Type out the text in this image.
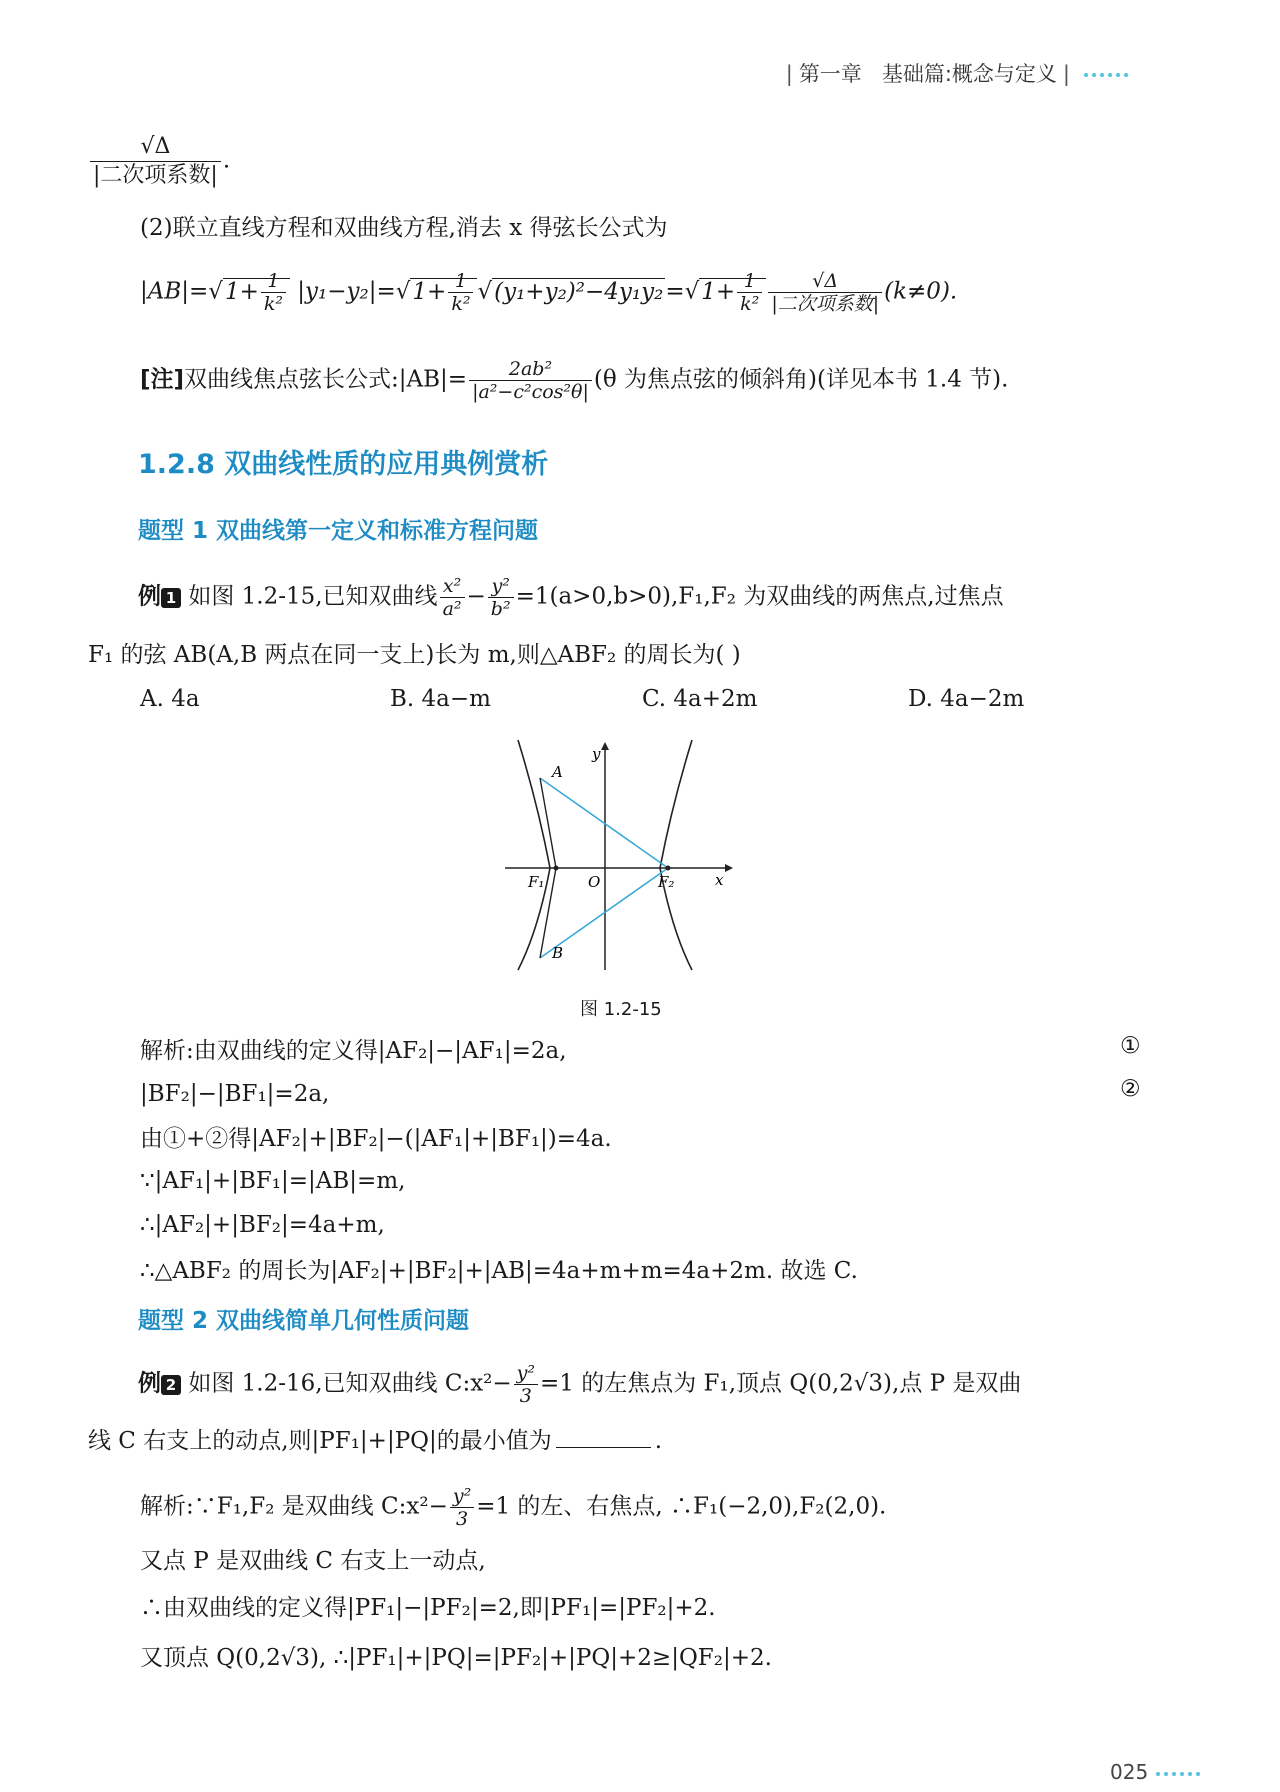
| 第一章 基础篇:概念与定义 |
$\frac{√\Delta}{\text{|二次项系数|}}$ .
(2)联立直线方程和双曲线方程,消去 x 得弦长公式为
$|AB|=√1+ \frac{1}{\text{k²}} |y_1-y_2|=√1+ \frac{1}{\text{k²}} √(y_1+y_2)^2-4y_1y_2=√1+ \frac{1}{\text{k²}} \frac{√\Delta}{\text{|二次项系数|}} (k\ne 0)$.
[注]双曲线焦点弦长公式:|AB|= $\frac{\text{2ab²}}{\text{|a²−c²cos²θ|}} (\theta$ 为焦点弦的倾斜角)(详见本书 1.4 节).
1.2.8 双曲线性质的应用典例赏析
题型 1 双曲线第一定义和标准方程问题
例 1 如图 1.2-15,已知双曲线 $\frac{\text{x²}}{\text{a²}} - \frac{\text{y²}}{\text{b²}} =1(a>0,b>0),F_1,F_2$ 为双曲线的两焦点,过焦点
F₁ 的弦 AB(A,B 两点在同一支上)长为 m,则△ABF₂ 的周长为( )
A. 4a	B. 4a−m	C. 4a+2m	D. 4a−2m
y
x
O
A
B
F₁	F₂
图 1.2-15
解析:由双曲线的定义得|AF₂|−|AF₁|=2a,	①
|BF₂|−|BF₁|=2a,	②
由①+②得|AF₂|+|BF₂|−(|AF₁|+|BF₁|)=4a.
∵|AF₁|+|BF₁|=|AB|=m,
∴|AF₂|+|BF₂|=4a+m,
∴△ABF₂ 的周长为|AF₂|+|BF₂|+|AB|=4a+m+m=4a+2m. 故选 C.
题型 2 双曲线简单几何性质问题
例 2 如图 1.2-16,已知双曲线 C:x²− $\frac{\text{y²}}{3} =1$ 的左焦点为 F₁,顶点 Q(0,2√3),点 P 是双曲
线 C 右支上的动点,则|PF₁|+|PQ|的最小值为	.
解析:∵F₁,F₂ 是双曲线 C:x²− $\frac{\text{y²}}{3} =1$ 的左、右焦点, ∴F₁(−2,0),F₂(2,0).
又点 P 是双曲线 C 右支上一动点,
∴由双曲线的定义得|PF₁|−|PF₂|=2,即|PF₁|=|PF₂|+2.
又顶点 Q(0,2√3), ∴|PF₁|+|PQ|=|PF₂|+|PQ|+2≥|QF₂|+2.
025
